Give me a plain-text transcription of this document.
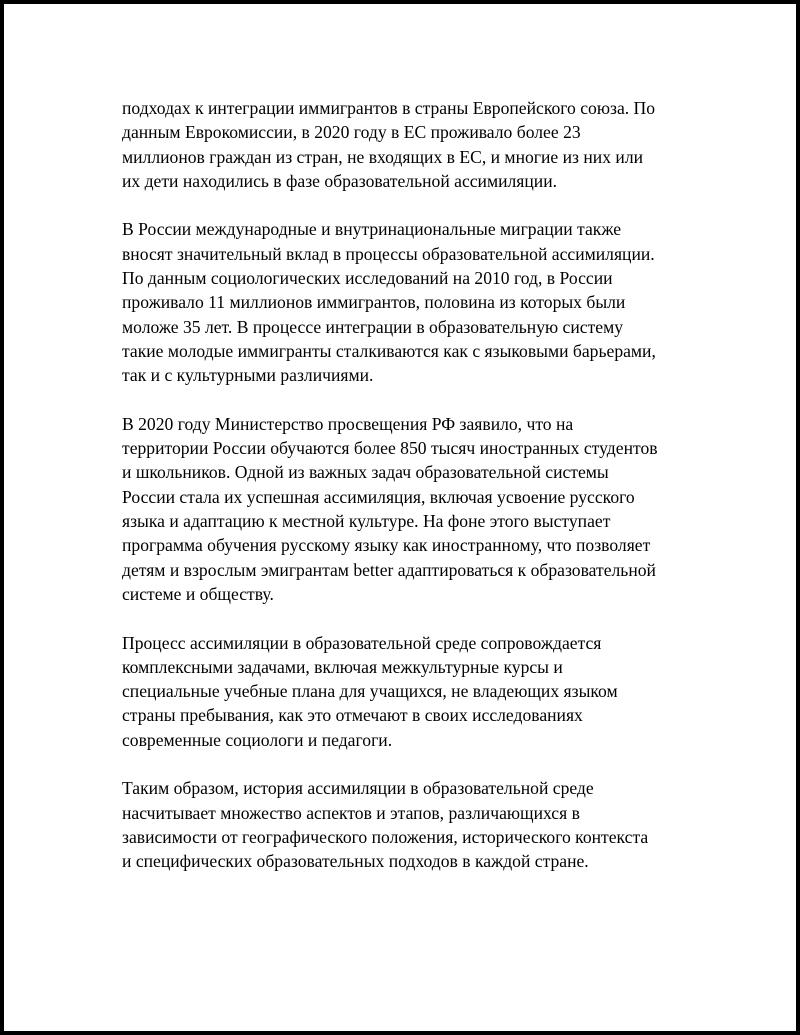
подходах к интеграции иммигрантов в страны Европейского союза. По
данным Еврокомиссии, в 2020 году в ЕС проживало более 23
миллионов граждан из стран, не входящих в ЕС, и многие из них или
их дети находились в фазе образовательной ассимиляции.

В России международные и внутринациональные миграции также
вносят значительный вклад в процессы образовательной ассимиляции.
По данным социологических исследований на 2010 год, в России
проживало 11 миллионов иммигрантов, половина из которых были
моложе 35 лет. В процессе интеграции в образовательную систему
такие молодые иммигранты сталкиваются как с языковыми барьерами,
так и с культурными различиями.

В 2020 году Министерство просвещения РФ заявило, что на
территории России обучаются более 850 тысяч иностранных студентов
и школьников. Одной из важных задач образовательной системы
России стала их успешная ассимиляция, включая усвоение русского
языка и адаптацию к местной культуре. На фоне этого выступает
программа обучения русскому языку как иностранному, что позволяет
детям и взрослым эмигрантам better адаптироваться к образовательной
системе и обществу.

Процесс ассимиляции в образовательной среде сопровождается
комплексными задачами, включая межкультурные курсы и
специальные учебные плана для учащихся, не владеющих языком
страны пребывания, как это отмечают в своих исследованиях
современные социологи и педагоги.

Таким образом, история ассимиляции в образовательной среде
насчитывает множество аспектов и этапов, различающихся в
зависимости от географического положения, исторического контекста
и специфических образовательных подходов в каждой стране.
